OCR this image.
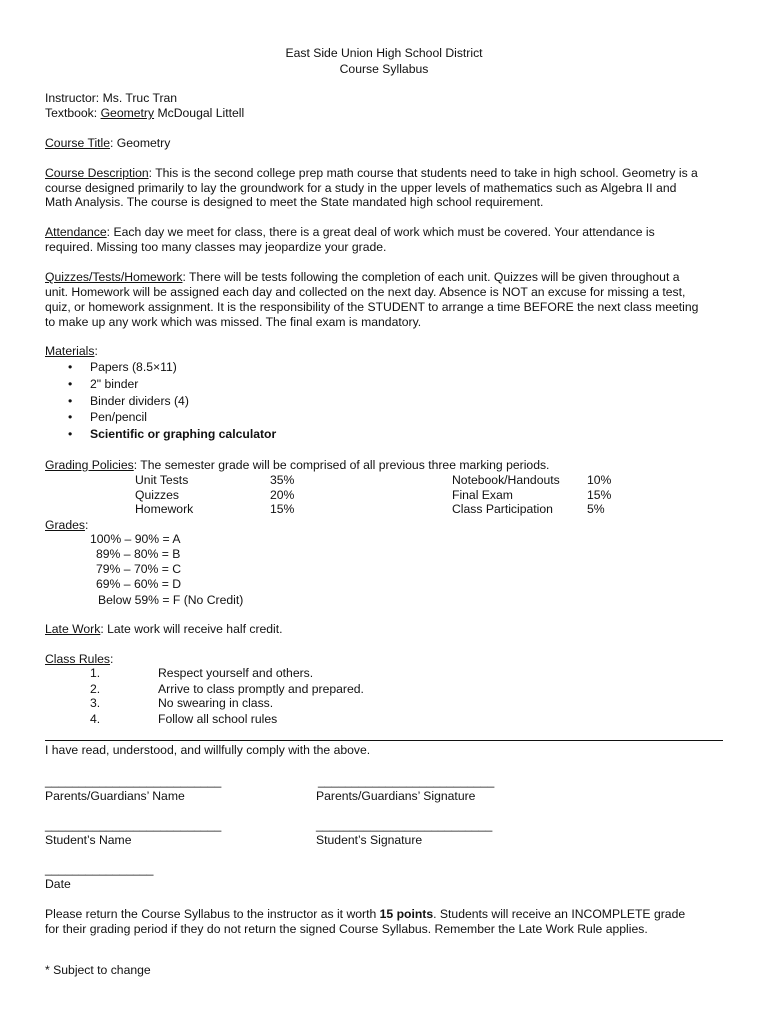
East Side Union High School District
Course Syllabus
Instructor: Ms. Truc Tran
Textbook: Geometry McDougal Littell
Course Title: Geometry
Course Description: This is the second college prep math course that students need to take in high school. Geometry is a
course designed primarily to lay the groundwork for a study in the upper levels of mathematics such as Algebra II and
Math Analysis. The course is designed to meet the State mandated high school requirement.
Attendance: Each day we meet for class, there is a great deal of work which must be covered. Your attendance is
required. Missing too many classes may jeopardize your grade.
Quizzes/Tests/Homework: There will be tests following the completion of each unit. Quizzes will be given throughout a
unit. Homework will be assigned each day and collected on the next day. Absence is NOT an excuse for missing a test,
quiz, or homework assignment. It is the responsibility of the STUDENT to arrange a time BEFORE the next class meeting
to make up any work which was missed. The final exam is mandatory.
Materials:
• Papers (8.5×11)
• 2" binder
• Binder dividers (4)
• Pen/pencil
• Scientific or graphing calculator
Grading Policies: The semester grade will be comprised of all previous three marking periods.
Unit Tests	35%	Notebook/Handouts 10%
Quizzes	20%	Final Exam	15%
Homework	15%	Class Participation	5%
Grades:
100% – 90% = A
89% – 80% = B
79% – 70% = C
69% – 60% = D
Below 59% = F (No Credit)
Late Work: Late work will receive half credit.
Class Rules:
1.	Respect yourself and others.
2.	Arrive to class promptly and prepared.
3.	No swearing in class.
4.	Follow all school rules
I have read, understood, and willfully comply with the above.
__________________________	__________________________
Parents/Guardians’ Name	Parents/Guardians’ Signature
__________________________	__________________________
Student’s Name	Student’s Signature
________________
Date
Please return the Course Syllabus to the instructor as it worth 15 points. Students will receive an INCOMPLETE grade
for their grading period if they do not return the signed Course Syllabus. Remember the Late Work Rule applies.
* Subject to change
